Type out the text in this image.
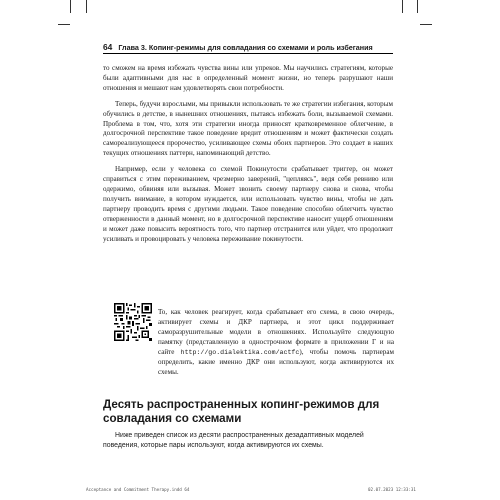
64 Глава 3. Копинг-режимы для совладания со схемами и роль избегания

то сможем на время избежать чувства вины или упреков. Мы научились стратегиям, которые были адаптивными для нас в определенный момент жизни, но теперь разрушают наши отношения и мешают нам удовлетворять свои потребности.

Теперь, будучи взрослыми, мы привыкли использовать те же стратегии избегания, которым обучились в детстве, в нынешних отношениях, пытаясь избежать боли, вызываемой схемами. Проблема в том, что, хотя эти стратегии иногда приносят кратковременное облегчение, в долгосрочной перспективе такое поведение вредит отношениям и может фактически создать самореализующееся пророчество, усиливающее схемы обоих партнеров. Это создает в наших текущих отношениях паттерн, напоминающий детство.

Например, если у человека со схемой Покинутости срабатывает триггер, он может справиться с этим переживанием, чрезмерно заверений, "цепляясь", ведя себя ревниво или одержимо, обвиняя или вызывая. Может звонить своему партнеру снова и снова, чтобы получить внимание, в котором нуждается, или использовать чувство вины, чтобы не дать партнеру проводить время с другими людьми. Такое поведение способно облегчить чувство отверженности в данный момент, но в долгосрочной перспективе наносит ущерб отношениям и может даже повысить вероятность того, что партнер отстранится или уйдет, что продолжит усиливать и провоцировать у человека переживание покинутости.

То, как человек реагирует, когда срабатывает его схема, в свою очередь, активирует схемы и ДКР партнера, и этот цикл поддерживает саморазрушительные модели в отношениях. Используйте следующую памятку (представленную в однострочном формате в приложении Г и на сайте http://go.dialektika.com/actfc), чтобы помочь партнерам определить, какие именно ДКР они используют, когда активируются их схемы.

Десять распространенных копинг-режимов для совладания со схемами

Ниже приведен список из десяти распространенных дезадаптивных моделей поведения, которые пары используют, когда активируются их схемы.

Acceptance and Commitment Therapy.indd 64	02.07.2023 12:33:31
